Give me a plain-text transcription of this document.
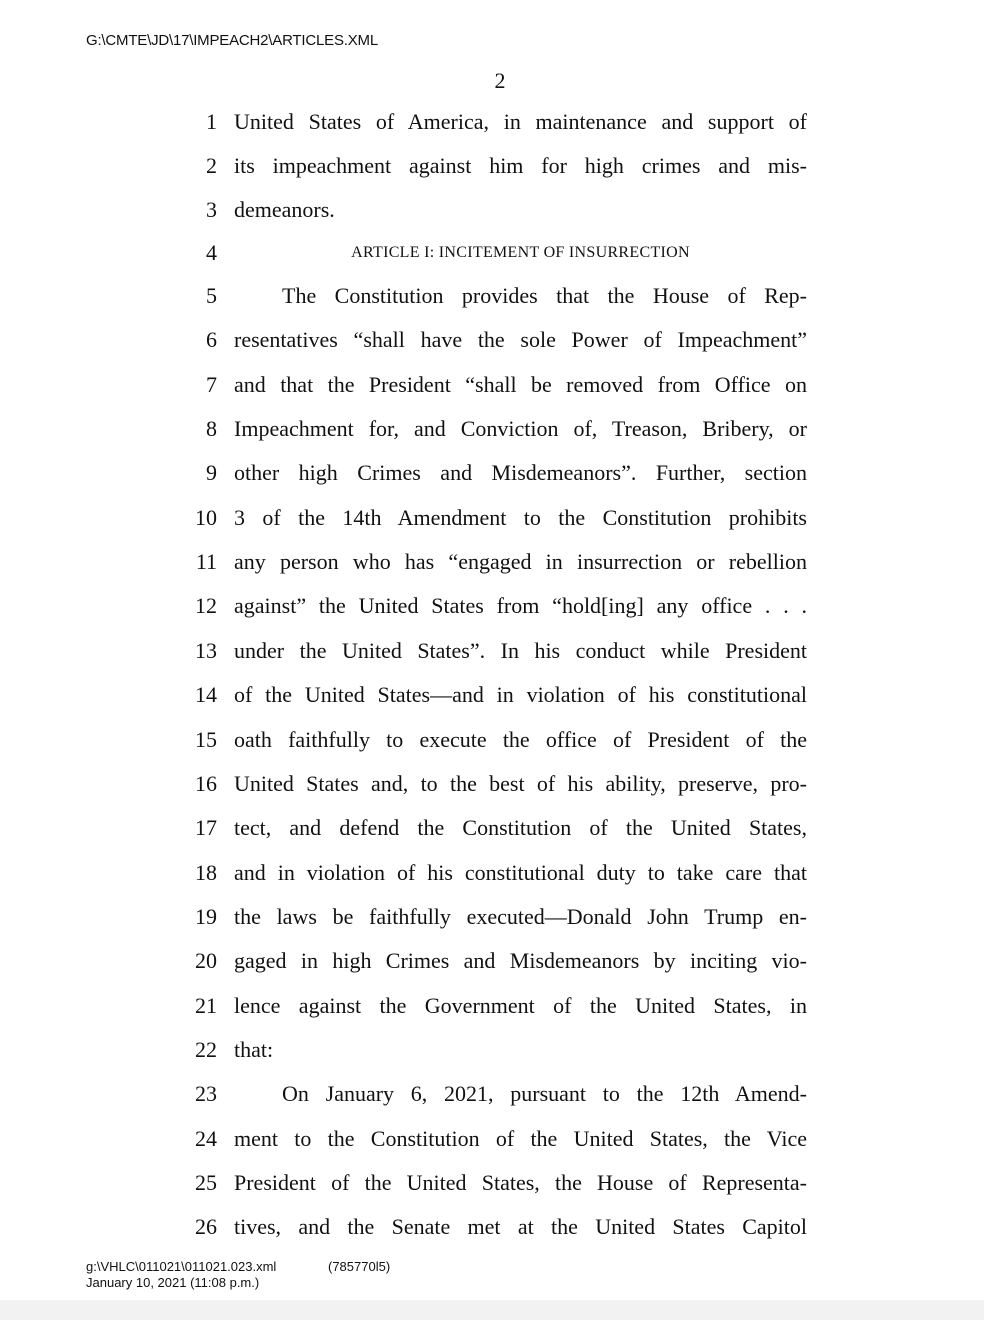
G:\CMTE\JD\17\IMPEACH2\ARTICLES.XML
2
1 United States of America, in maintenance and support of
2 its impeachment against him for high crimes and mis-
3 demeanors.
4	ARTICLE I: INCITEMENT OF INSURRECTION
5	The Constitution provides that the House of Rep-
6 resentatives “shall have the sole Power of Impeachment”
7 and that the President “shall be removed from Office on
8 Impeachment for, and Conviction of, Treason, Bribery, or
9 other high Crimes and Misdemeanors”. Further, section
10 3 of the 14th Amendment to the Constitution prohibits
11 any person who has “engaged in insurrection or rebellion
12 against” the United States from “hold[ing] any office . . .
13 under the United States”. In his conduct while President
14 of the United States—and in violation of his constitutional
15 oath faithfully to execute the office of President of the
16 United States and, to the best of his ability, preserve, pro-
17 tect, and defend the Constitution of the United States,
18 and in violation of his constitutional duty to take care that
19 the laws be faithfully executed—Donald John Trump en-
20 gaged in high Crimes and Misdemeanors by inciting vio-
21 lence against the Government of the United States, in
22 that:
23	On January 6, 2021, pursuant to the 12th Amend-
24 ment to the Constitution of the United States, the Vice
25 President of the United States, the House of Representa-
26 tives, and the Senate met at the United States Capitol
g:\VHLC\011021\011021.023.xml	(785770l5)
January 10, 2021 (11:08 p.m.)
